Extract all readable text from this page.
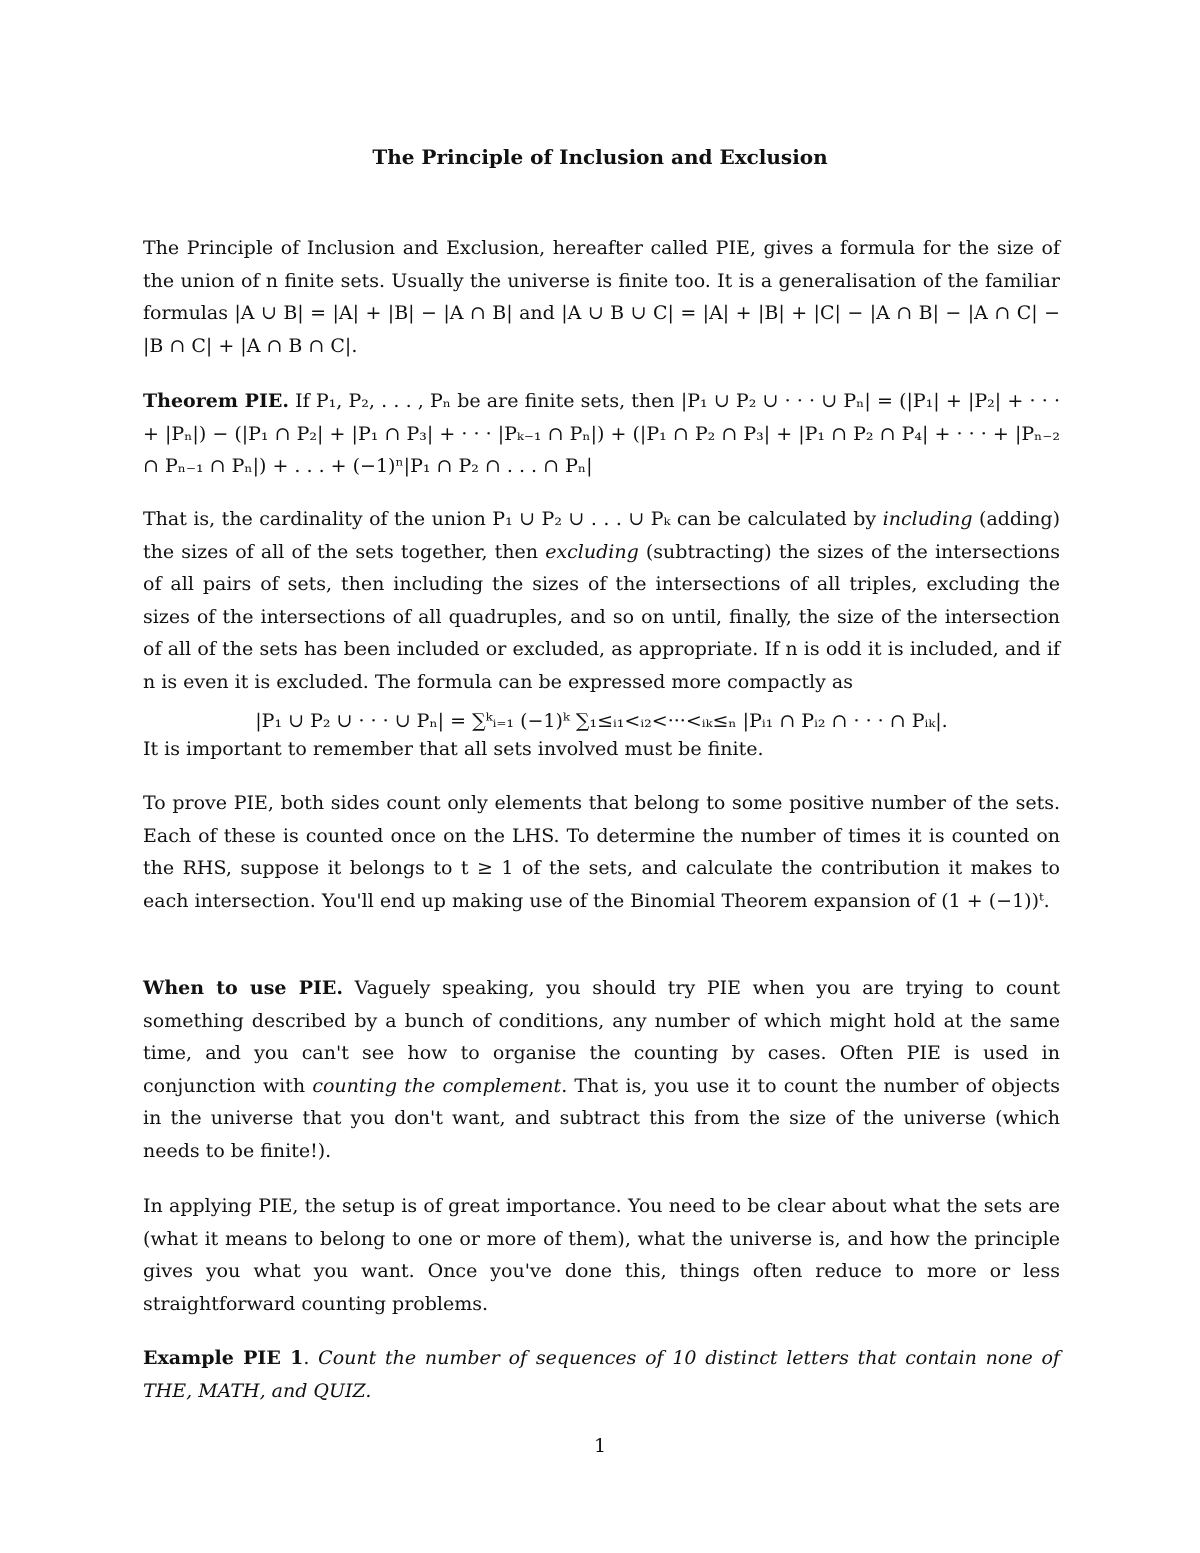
The Principle of Inclusion and Exclusion

The Principle of Inclusion and Exclusion, hereafter called PIE, gives a formula for the size of the union of n finite sets. Usually the universe is finite too. It is a generalisation of the familiar formulas |A ∪ B| = |A| + |B| − |A ∩ B| and |A ∪ B ∪ C| = |A| + |B| + |C| − |A ∩ B| − |A ∩ C| − |B ∩ C| + |A ∩ B ∩ C|.

Theorem PIE. If P₁, P₂, . . . , Pₙ be are finite sets, then |P₁ ∪ P₂ ∪ · · · ∪ Pₙ| = (|P₁| + |P₂| + · · · + |Pₙ|) − (|P₁ ∩ P₂| + |P₁ ∩ P₃| + · · · |Pₖ₋₁ ∩ Pₙ|) + (|P₁ ∩ P₂ ∩ P₃| + |P₁ ∩ P₂ ∩ P₄| + · · · + |Pₙ₋₂ ∩ Pₙ₋₁ ∩ Pₙ|) + . . . + (−1)ⁿ|P₁ ∩ P₂ ∩ . . . ∩ Pₙ|

That is, the cardinality of the union P₁ ∪ P₂ ∪ . . . ∪ Pₖ can be calculated by including (adding) the sizes of all of the sets together, then excluding (subtracting) the sizes of the intersections of all pairs of sets, then including the sizes of the intersections of all triples, excluding the sizes of the intersections of all quadruples, and so on until, finally, the size of the intersection of all of the sets has been included or excluded, as appropriate. If n is odd it is included, and if n is even it is excluded. The formula can be expressed more compactly as

|P₁ ∪ P₂ ∪ · · · ∪ Pₙ| = ∑ᵏᵢ₌₁ (−1)ᵏ ∑₁≤ᵢ₁<ᵢ₂<···<ᵢₖ≤ₙ |Pᵢ₁ ∩ Pᵢ₂ ∩ · · · ∩ Pᵢₖ|.

It is important to remember that all sets involved must be finite.

To prove PIE, both sides count only elements that belong to some positive number of the sets. Each of these is counted once on the LHS. To determine the number of times it is counted on the RHS, suppose it belongs to t ≥ 1 of the sets, and calculate the contribution it makes to each intersection. You'll end up making use of the Binomial Theorem expansion of (1 + (−1))ᵗ.

When to use PIE. Vaguely speaking, you should try PIE when you are trying to count something described by a bunch of conditions, any number of which might hold at the same time, and you can't see how to organise the counting by cases. Often PIE is used in conjunction with counting the complement. That is, you use it to count the number of objects in the universe that you don't want, and subtract this from the size of the universe (which needs to be finite!).

In applying PIE, the setup is of great importance. You need to be clear about what the sets are (what it means to belong to one or more of them), what the universe is, and how the principle gives you what you want. Once you've done this, things often reduce to more or less straightforward counting problems.

Example PIE 1. Count the number of sequences of 10 distinct letters that contain none of THE, MATH, and QUIZ.

1
